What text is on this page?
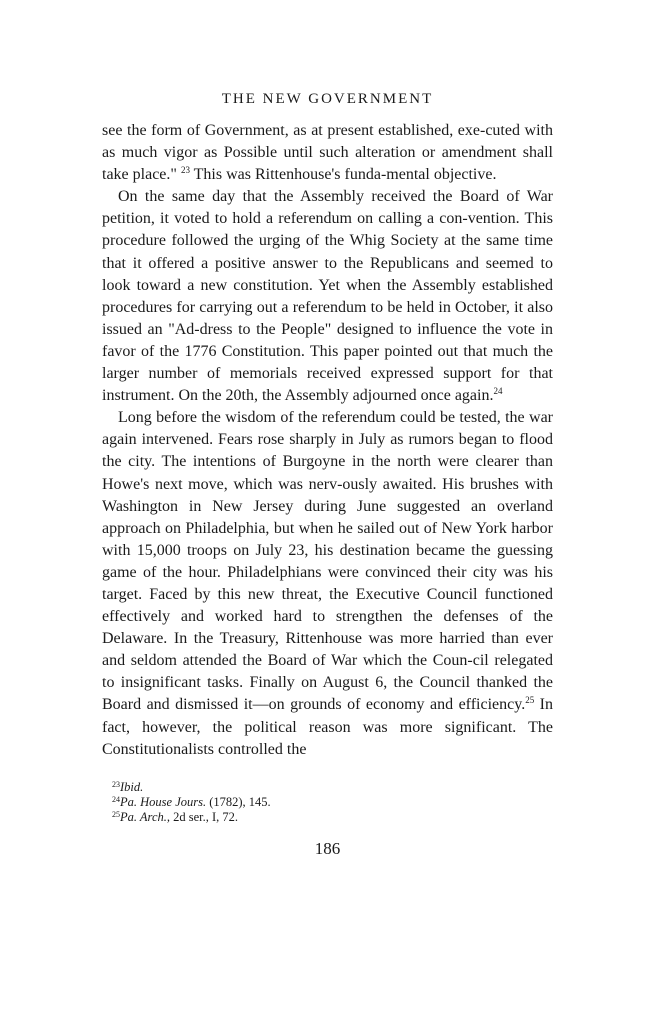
THE NEW GOVERNMENT

see the form of Government, as at present established, exe-cuted with as much vigor as Possible until such alteration or amendment shall take place." $^{23}$ This was Rittenhouse's funda-mental objective.

On the same day that the Assembly received the Board of War petition, it voted to hold a referendum on calling a con-vention. This procedure followed the urging of the Whig Society at the same time that it offered a positive answer to the Republicans and seemed to look toward a new constitution. Yet when the Assembly established procedures for carrying out a referendum to be held in October, it also issued an "Ad-dress to the People" designed to influence the vote in favor of the 1776 Constitution. This paper pointed out that much the larger number of memorials received expressed support for that instrument. On the 20th, the Assembly adjourned once again.$^{24}$

Long before the wisdom of the referendum could be tested, the war again intervened. Fears rose sharply in July as rumors began to flood the city. The intentions of Burgoyne in the north were clearer than Howe's next move, which was nerv-ously awaited. His brushes with Washington in New Jersey during June suggested an overland approach on Philadelphia, but when he sailed out of New York harbor with 15,000 troops on July 23, his destination became the guessing game of the hour. Philadelphians were convinced their city was his target. Faced by this new threat, the Executive Council functioned effectively and worked hard to strengthen the defenses of the Delaware. In the Treasury, Rittenhouse was more harried than ever and seldom attended the Board of War which the Coun-cil relegated to insignificant tasks. Finally on August 6, the Council thanked the Board and dismissed it—on grounds of economy and efficiency.$^{25}$ In fact, however, the political reason was more significant. The Constitutionalists controlled the

$^{23}$Ibid.
$^{24}$Pa. House Jours. (1782), 145.
$^{25}$Pa. Arch., 2d ser., I, 72.
186
